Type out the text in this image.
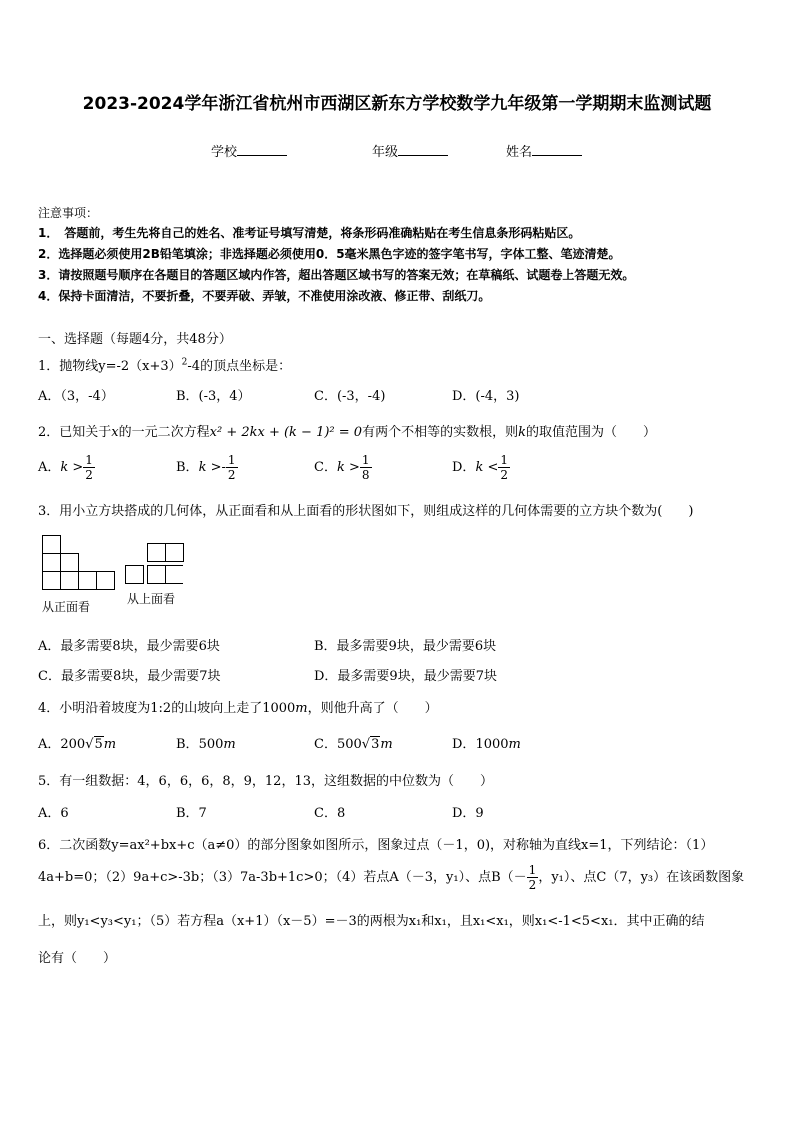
2023-2024学年浙江省杭州市西湖区新东方学校数学九年级第一学期期末监测试题
学校	年级	姓名
注意事项：
1．　答题前，考生先将自己的姓名、准考证号填写清楚，将条形码准确粘贴在考生信息条形码粘贴区。
2．选择题必须使用2B铅笔填涂；非选择题必须使用0．5毫米黑色字迹的签字笔书写，字体工整、笔迹清楚。
3．请按照题号顺序在各题目的答题区域内作答，超出答题区域书写的答案无效；在草稿纸、试题卷上答题无效。
4．保持卡面清洁，不要折叠，不要弄破、弄皱，不准使用涂改液、修正带、刮纸刀。
一、选择题（每题4分，共48分）
1．抛物线$y=-2(x+3)^2-4$的顶点坐标是：
A．（3，-4）	B．(-3，4）	C．(-3，-4)	D．(-4，3)
2．已知关于x的一元二次方程x² + 2kx + (k − 1)² = 0有两个不相等的实数根，则k的取值范围为（　　）
A．$k > \frac{1}{2}$	B．$k >- \frac{1}{2}$	C．$k > \frac{1}{8}$	D．$k < \frac{1}{2}$
3．用小立方块搭成的几何体，从正面看和从上面看的形状图如下，则组成这样的几何体需要的立方块个数为(　　)
从正面看
从上面看
A．最多需要8块，最少需要6块	B．最多需要9块，最少需要6块
C．最多需要8块，最少需要7块	D．最多需要9块，最少需要7块
4．小明沿着坡度为1:2的山坡向上走了1000m，则他升高了（　　）
A．200√5m	B．500m	C．500√3m	D．1000m
5．有一组数据：4，6，6，6，8，9，12，13，这组数据的中位数为（　　）
A．6	B．7	C．8	D．9
6．二次函数y=ax²+bx+c（a≠0）的部分图象如图所示，图象过点（－1，0)，对称轴为直线x=1，下列结论：（1）
4a+b=0；（2）9a+c>-3b；（3）7a-3b+1c>0；（4）若点A（－3，y₁）、点$B(- \frac{1}{2}$ ，y₁）、点C（7，y₃）在该函数图象
上，则y₁<y₃<y₁；（5）若方程a（x+1）（x－5）=－3的两根为x₁和x₁，且x₁<x₁，则x₁<-1<5<x₁．其中正确的结
论有（　　）
